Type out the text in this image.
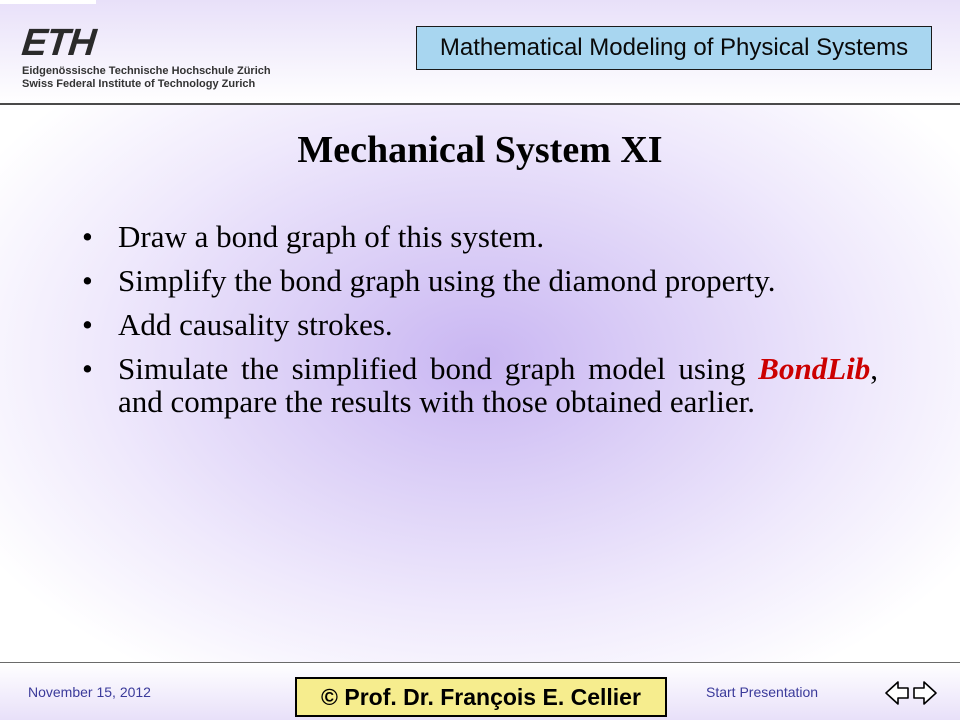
ETH
Eidgenössische Technische Hochschule Zürich
Swiss Federal Institute of Technology Zurich
Mathematical Modeling of Physical Systems
Mechanical System XI
• Draw a bond graph of this system.
• Simplify the bond graph using the diamond property.
• Add causality strokes.
• Simulate the simplified bond graph model using BondLib, and compare the results with those obtained earlier.
November 15, 2012	© Prof. Dr. François E. Cellier	Start Presentation
